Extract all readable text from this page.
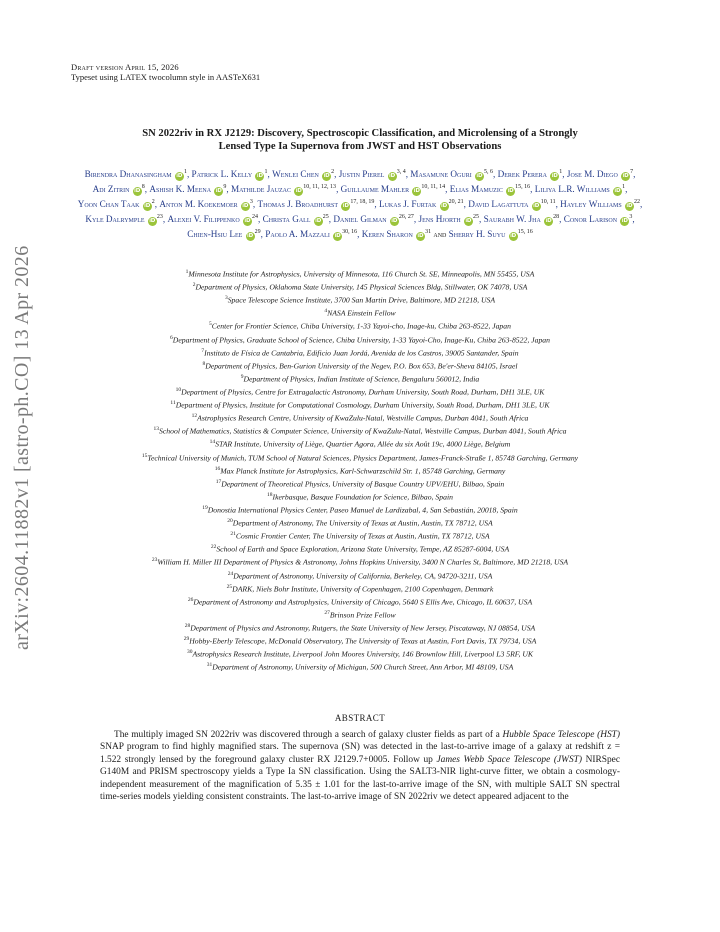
Draft version April 15, 2026
Typeset using LATEX twocolumn style in AASTeX631
arXiv:2604.11882v1 [astro-ph.CO] 13 Apr 2026
SN 2022riv in RX J2129: Discovery, Spectroscopic Classification, and Microlensing of a Strongly
Lensed Type Ia Supernova from JWST and HST Observations
Birendra Dhanasingham $iD^1$, Patrick L. Kelly $iD^1$, Wenlei Chen $iD^2$, Justin Pierel iD$^{3, 4}$, Masamune Oguri iD$^{5, 6}$, Derek Perera $iD^1$, Jose M. Diego $iD^7$, Adi Zitrin $iD^8$, Ashish K. Meena $iD^9$, Mathilde Jauzac iD$^{10, 11, 12, 13}$, Guillaume Mahler iD$^{10, 11, 14}$, Elias Mamuzic iD$^{15, 16}$, Liliya L.R. Williams $iD^1$, Yoon Chan Taak $iD^2$, Anton M. Koekemoer $iD^3$, Thomas J. Broadhurst iD$^{17, 18, 19}$, Lukas J. Furtak iD$^{20, 21}$, David Lagattuta iD$^{10, 11}$, Hayley Williams $iD^{22}$, Kyle Dalrymple $iD^{23}$, Alexei V. Filippenko $iD^{24}$, Christa Gall $iD^{25}$, Daniel Gilman iD$^{26, 27}$, Jens Hjorth $iD^{25}$, Saurabh W. Jha $iD^{28}$, Conor Larison $iD^3$, Chien-Hsiu Lee $iD^{29}$, Paolo A. Mazzali iD$^{30, 16}$, Keren Sharon $iD^{31}$ and Sherry H. Suyu iD$^{15, 16}$
$^1$Minnesota Institute for Astrophysics, University of Minnesota, 116 Church St. SE, Minneapolis, MN 55455, USA
$^2$Department of Physics, Oklahoma State University, 145 Physical Sciences Bldg, Stillwater, OK 74078, USA
$^3$Space Telescope Science Institute, 3700 San Martin Drive, Baltimore, MD 21218, USA
$^4$NASA Einstein Fellow
$^5$Center for Frontier Science, Chiba University, 1-33 Yayoi-cho, Inage-ku, Chiba 263-8522, Japan
$^6$Department of Physics, Graduate School of Science, Chiba University, 1-33 Yayoi-Cho, Inage-Ku, Chiba 263-8522, Japan
$^7$Instituto de Física de Cantabria, Edificio Juan Jordá, Avenida de los Castros, 39005 Santander, Spain
$^8$Department of Physics, Ben-Gurion University of the Negev, P.O. Box 653, Be'er-Sheva 84105, Israel
$^9$Department of Physics, Indian Institute of Science, Bengaluru 560012, India
$^{10}$Department of Physics, Centre for Extragalactic Astronomy, Durham University, South Road, Durham, DH1 3LE, UK
$^{11}$Department of Physics, Institute for Computational Cosmology, Durham University, South Road, Durham, DH1 3LE, UK
$^{12}$Astrophysics Research Centre, University of KwaZulu-Natal, Westville Campus, Durban 4041, South Africa
$^{13}$School of Mathematics, Statistics & Computer Science, University of KwaZulu-Natal, Westville Campus, Durban 4041, South Africa
$^{14}$STAR Institute, University of Liège, Quartier Agora, Allée du six Août 19c, 4000 Liège, Belgium
$^{15}$Technical University of Munich, TUM School of Natural Sciences, Physics Department, James-Franck-Straße 1, 85748 Garching, Germany
$^{16}$Max Planck Institute for Astrophysics, Karl-Schwarzschild Str. 1, 85748 Garching, Germany
$^{17}$Department of Theoretical Physics, University of Basque Country UPV/EHU, Bilbao, Spain
$^{18}$Ikerbasque, Basque Foundation for Science, Bilbao, Spain
$^{19}$Donostia International Physics Center, Paseo Manuel de Lardizabal, 4, San Sebastián, 20018, Spain
$^{20}$Department of Astronomy, The University of Texas at Austin, Austin, TX 78712, USA
$^{21}$Cosmic Frontier Center, The University of Texas at Austin, Austin, TX 78712, USA
$^{22}$School of Earth and Space Exploration, Arizona State University, Tempe, AZ 85287-6004, USA
$^{23}$William H. Miller III Department of Physics & Astronomy, Johns Hopkins University, 3400 N Charles St, Baltimore, MD 21218, USA
$^{24}$Department of Astronomy, University of California, Berkeley, CA, 94720-3211, USA
$^{25}$DARK, Niels Bohr Institute, University of Copenhagen, 2100 Copenhagen, Denmark
$^{26}$Department of Astronomy and Astrophysics, University of Chicago, 5640 S Ellis Ave, Chicago, IL 60637, USA
$^{27}$Brinson Prize Fellow
$^{28}$Department of Physics and Astronomy, Rutgers, the State University of New Jersey, Piscataway, NJ 08854, USA
$^{29}$Hobby-Eberly Telescope, McDonald Observatory, The University of Texas at Austin, Fort Davis, TX 79734, USA
$^{30}$Astrophysics Research Institute, Liverpool John Moores University, 146 Brownlow Hill, Liverpool L3 5RF, UK
$^{31}$Department of Astronomy, University of Michigan, 500 Church Street, Ann Arbor, MI 48109, USA
ABSTRACT
The multiply imaged SN 2022riv was discovered through a search of galaxy cluster fields as part of a Hubble Space Telescope (HST) SNAP program to find highly magnified stars. The supernova (SN) was detected in the last-to-arrive image of a galaxy at redshift z = 1.522 strongly lensed by the foreground galaxy cluster RX J2129.7+0005. Follow up James Webb Space Telescope (JWST) NIRSpec G140M and PRISM spectroscopy yields a Type Ia SN classification. Using the SALT3-NIR light-curve fitter, we obtain a cosmology-independent measurement of the magnification of 5.35 ± 1.01 for the last-to-arrive image of the SN, with multiple SALT SN spectral time-series models yielding consistent constraints. The last-to-arrive image of SN 2022riv we detect appeared adjacent to the
